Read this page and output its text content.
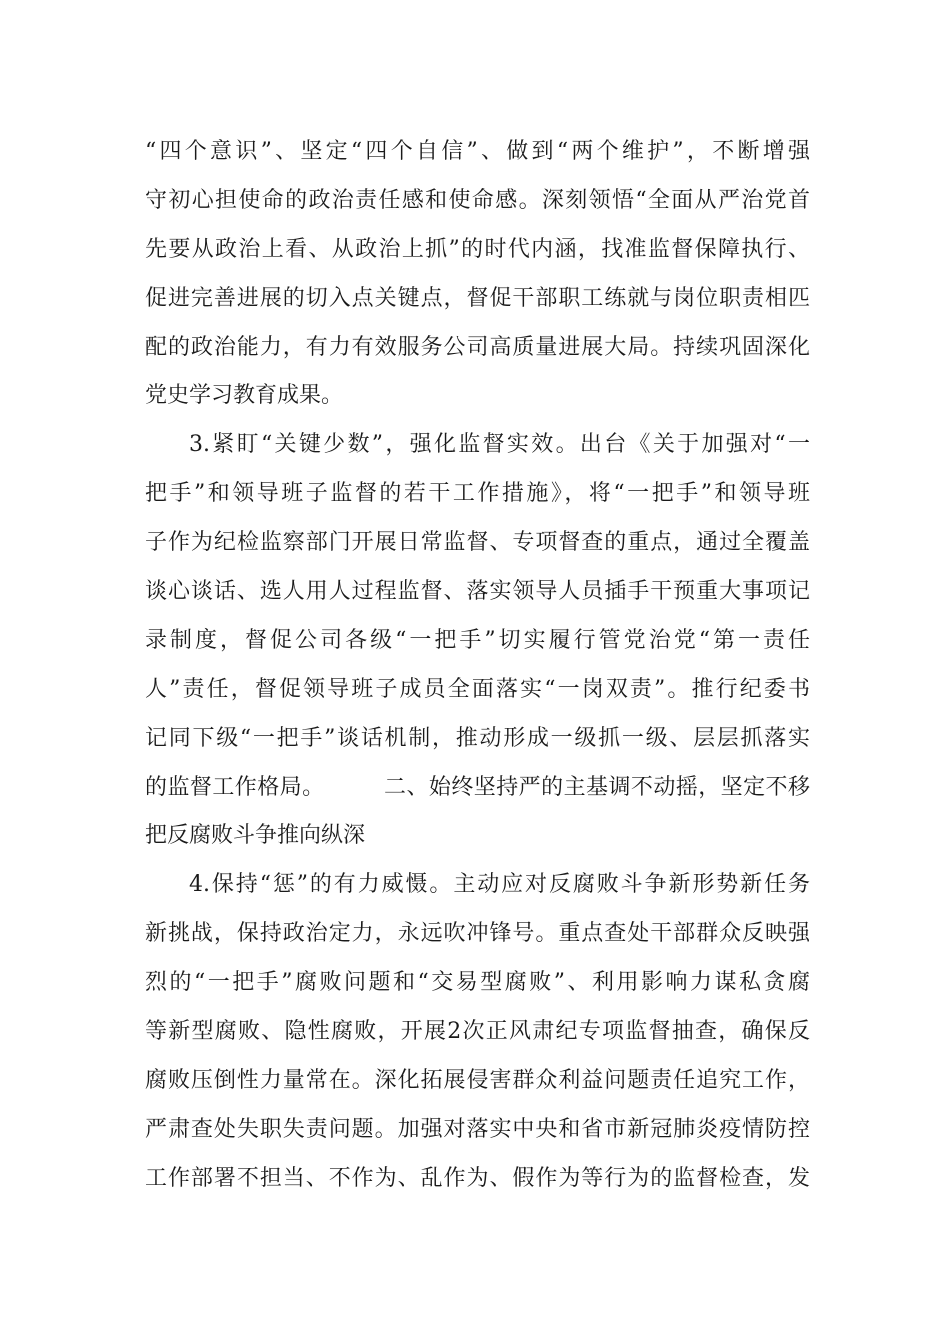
“四个意识”、坚定“四个自信”、做到“两个维护”，不断增强
守初心担使命的政治责任感和使命感。深刻领悟“全面从严治党首
先要从政治上看、从政治上抓”的时代内涵，找准监督保障执行、
促进完善进展的切入点关键点，督促干部职工练就与岗位职责相匹
配的政治能力，有力有效服务公司高质量进展大局。持续巩固深化
党史学习教育成果。
3.紧盯“关键少数”，强化监督实效。出台《关于加强对“一
把手”和领导班子监督的若干工作措施》，将“一把手”和领导班
子作为纪检监察部门开展日常监督、专项督查的重点，通过全覆盖
谈心谈话、选人用人过程监督、落实领导人员插手干预重大事项记
录制度，督促公司各级“一把手”切实履行管党治党“第一责任
人”责任，督促领导班子成员全面落实“一岗双责”。推行纪委书
记同下级“一把手”谈话机制，推动形成一级抓一级、层层抓落实
的监督工作格局。        二、始终坚持严的主基调不动摇，坚定不移
把反腐败斗争推向纵深
4.保持“惩”的有力威慑。主动应对反腐败斗争新形势新任务
新挑战，保持政治定力，永远吹冲锋号。重点查处干部群众反映强
烈的“一把手”腐败问题和“交易型腐败”、利用影响力谋私贪腐
等新型腐败、隐性腐败，开展2次正风肃纪专项监督抽查，确保反
腐败压倒性力量常在。深化拓展侵害群众利益问题责任追究工作，
严肃查处失职失责问题。加强对落实中央和省市新冠肺炎疫情防控
工作部署不担当、不作为、乱作为、假作为等行为的监督检查，发
